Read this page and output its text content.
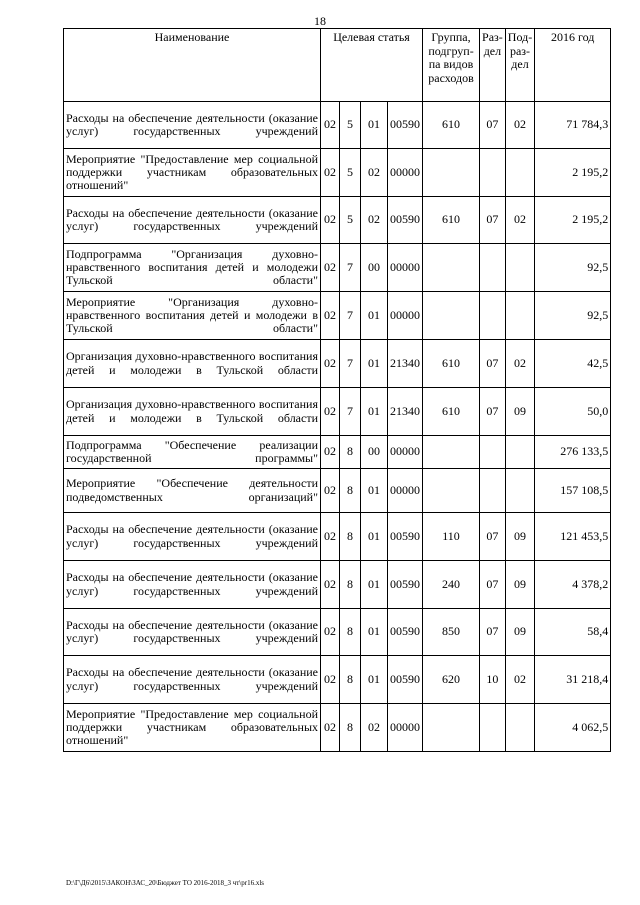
18
Наименование	Целевая статья				Группа, подгруп-па видов расходов	Раз-дел	Под-раз-дел	2016 год
Расходы на обеспечение деятельности (оказание услуг) государственных учреждений	02	5	01	00590	610	07	02	71 784,3
Мероприятие "Предоставление мер социальной поддержки участникам образовательных отношений"	02	5	02	00000				2 195,2
Расходы на обеспечение деятельности (оказание услуг) государственных учреждений	02	5	02	00590	610	07	02	2 195,2
Подпрограмма "Организация духовно-нравственного воспитания детей и молодежи Тульской области"	02	7	00	00000				92,5
Мероприятие "Организация духовно-нравственного воспитания детей и молодежи в Тульской области"	02	7	01	00000				92,5
Организация духовно-нравственного воспитания детей и молодежи в Тульской области	02	7	01	21340	610	07	02	42,5
Организация духовно-нравственного воспитания детей и молодежи в Тульской области	02	7	01	21340	610	07	09	50,0
Подпрограмма "Обеспечение реализации государственной программы"	02	8	00	00000				276 133,5
Мероприятие "Обеспечение деятельности подведомственных организаций"	02	8	01	00000				157 108,5
Расходы на обеспечение деятельности (оказание услуг) государственных учреждений	02	8	01	00590	110	07	09	121 453,5
Расходы на обеспечение деятельности (оказание услуг) государственных учреждений	02	8	01	00590	240	07	09	4 378,2
Расходы на обеспечение деятельности (оказание услуг) государственных учреждений	02	8	01	00590	850	07	09	58,4
Расходы на обеспечение деятельности (оказание услуг) государственных учреждений	02	8	01	00590	620	10	02	31 218,4
Мероприятие "Предоставление мер социальной поддержки участникам образовательных отношений"	02	8	02	00000				4 062,5
D:\Г\Д6\2015\ЗАКОН\ЗАС_20\Бюджет ТО 2016-2018_3 чт\pr16.xls
